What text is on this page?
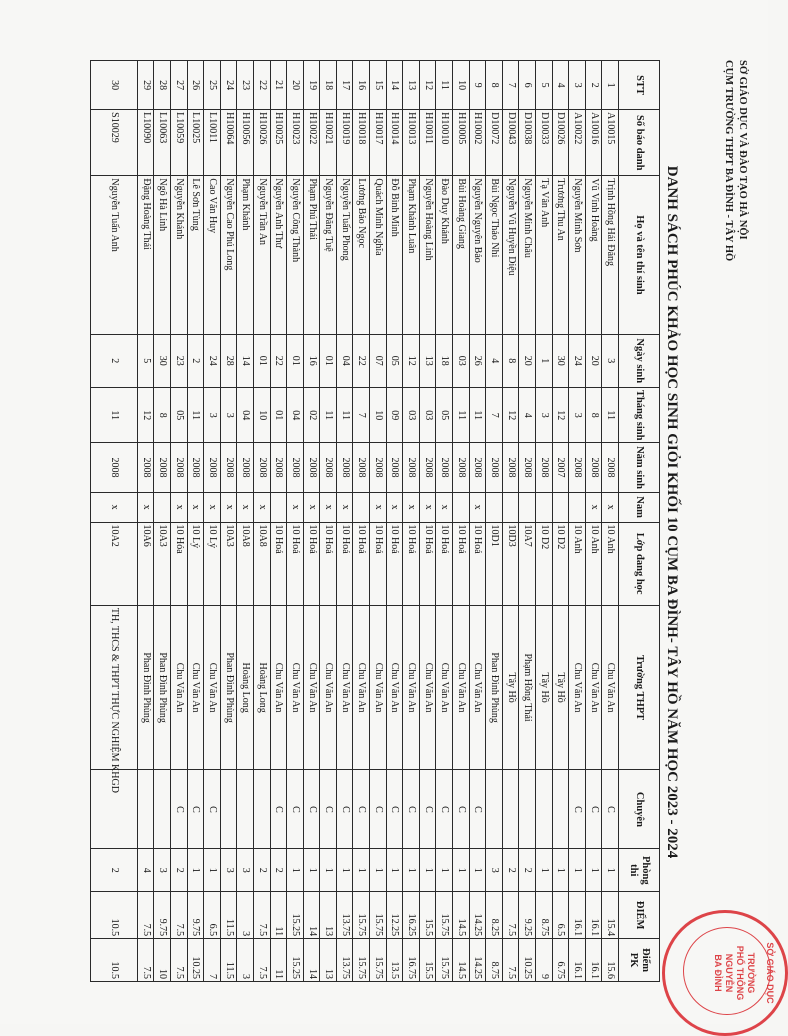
SỞ GIÁO DỤC VÀ ĐÀO TẠO HÀ NỘI
CỤM TRƯỜNG THPT BA ĐÌNH - TÂY HỒ
DANH SÁCH PHÚC KHẢO HỌC SINH GIỎI KHỐI 10 CỤM BA ĐÌNH- TÂY HỒ NĂM HỌC 2023 - 2024
STT	Số báo danh	Họ và tên thí sinh	Ngày sinh	Tháng sinh	Năm sinh	Nam	Lớp đang học	Trường THPT	Chuyên	Phòng thi	ĐIỂM	Điểm PK
1	A10015	Trịnh Hồng Hải Đăng	3	11	2008	x	10 Anh	Chu Văn An	C	1	15.4	15.6
2	A10016	Vũ Vinh Hoàng	20	8	2008	x	10 Anh	Chu Văn An	C	1	16.1	16.1
3	A10022	Nguyễn Minh Sơn	24	3	2008		10 Anh	Chu Văn An	C	1	16.1	16.1
4	D10026	Trương Thu An	30	12	2007		10 D2	Tây Hồ		1	6.5	6.75
5	D10033	Tạ Vân Anh	1	3	2008		10 D2	Tây Hồ		1	8.75	9
6	D10038	Nguyễn Minh Châu	20	4	2008		10A7	Phạm Hồng Thái		2	9.25	10.25
7	D10043	Nguyễn Vũ Huyền Diệu	8	12	2008		10D3	Tây Hồ		2	7.5	7.5
8	D10072	Bùi Ngọc Thảo Nhi	4	7	2008		10D1	Phan Đình Phùng		3	8.25	8.75
9	H10002	Nguyễn Nguyên Bảo	26	11	2008	x	10 Hoá	Chu Văn An	C	1	14.25	14.25
10	H10005	Bùi Hoàng Giang	03	11	2008		10 Hoá	Chu Văn An	C	1	14.5	14.5
11	H10010	Đào Duy Khánh	18	05	2008	x	10 Hoá	Chu Văn An	C	1	15.75	15.75
12	H10011	Nguyễn Hoàng Linh	13	03	2008	x	10 Hoá	Chu Văn An	C	1	15.5	15.5
13	H10013	Phạm Khánh Luân	12	03	2008	x	10 Hoá	Chu Văn An	C	1	16.25	16.75
14	H10014	Đỗ Bình Minh	05	09	2008	x	10 Hoá	Chu Văn An	C	1	12.25	13.5
15	H10017	Quách Minh Nghĩa	07	10	2008	x	10 Hoá	Chu Văn An	C	1	15.75	15.75
16	H10018	Lương Bảo Ngọc	22	7	2008		10 Hoá	Chu Văn An	C	1	15.75	15.75
17	H10019	Nguyễn Tuấn Phong	04	11	2008	x	10 Hoá	Chu Văn An	C	1	13.75	13.75
18	H10021	Nguyễn Đăng Tuệ	01	11	2008	x	10 Hoá	Chu Văn An	C	1	13	13
19	H10022	Phạm Phú Thái	16	02	2008	x	10 Hoá	Chu Văn An	C	1	14	14
20	H10023	Nguyễn Công Thành	01	04	2008	x	10 Hoá	Chu Văn An	C	1	15.25	15.25
21	H10025	Nguyễn Anh Thư	22	01	2008		10 Hoá	Chu Văn An	C	2	11	11
22	H10026	Nguyễn Trần An	01	10	2008	x	10A8	Hoàng Long		2	7.5	7.5
23	H10056	Phạm Khánh	14	04	2008	x	10A8	Hoàng Long		3	3	3
24	H10064	Nguyễn Cao Phú Long	28	3	2008	x	10A3	Phan Đình Phùng		3	11.5	11.5
25	L10011	Cao Văn Huy	24	3	2008	x	10 Lý	Chu Văn An	C	1	6.5	7
26	L10025	Lê Sơn Tùng	2	11	2008	x	10 Lý	Chu Văn An	C	1	9.75	10.25
27	L10059	Nguyễn Khánh	23	05	2008	x	10 Hóa	Chu Văn An	C	2	7.5	7.5
28	L10063	Ngô Hà Linh	30	8	2008		10A3	Phan Đình Phùng		3	9.75	10
29	L10090	Đặng Hoàng Thái	5	12	2008	x	10A6	Phan Đình Phùng		4	7.5	7.5
30	S10029	Nguyễn Tuấn Anh	2	11	2008	x	10A2	TH, THCS & THPT THỰC NGHIỆM KHGD		2	10.5	10.5	SỞ GIÁO DỤC
TRƯỜNG
PHỔ THÔNG
NGUYỄN
BA ĐÌNH
